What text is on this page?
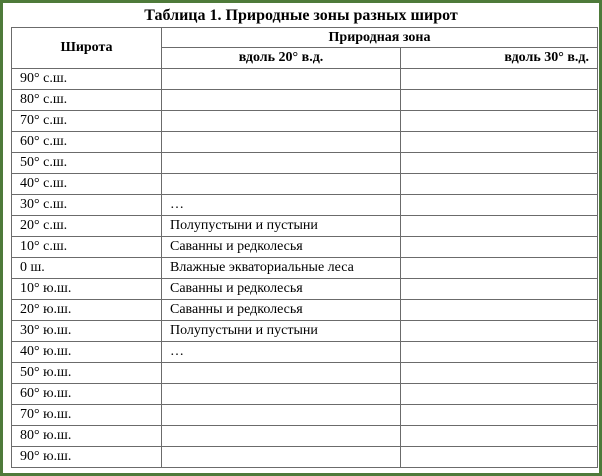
Таблица 1. Природные зоны разных широт
Широта	Природная зона	
	вдоль 20° в.д.	вдоль 30° в.д.
90° с.ш.		
80° с.ш.		
70° с.ш.		
60° с.ш.		
50° с.ш.		
40° с.ш.		
30° с.ш.	…	
20° с.ш.	Полупустыни и пустыни	
10° с.ш.	Саванны и редколесья	
0 ш.	Влажные экваториальные леса	
10° ю.ш.	Саванны и редколесья	
20° ю.ш.	Саванны и редколесья	
30° ю.ш.	Полупустыни и пустыни	
40° ю.ш.	…	
50° ю.ш.		
60° ю.ш.		
70° ю.ш.		
80° ю.ш.		
90° ю.ш.		
